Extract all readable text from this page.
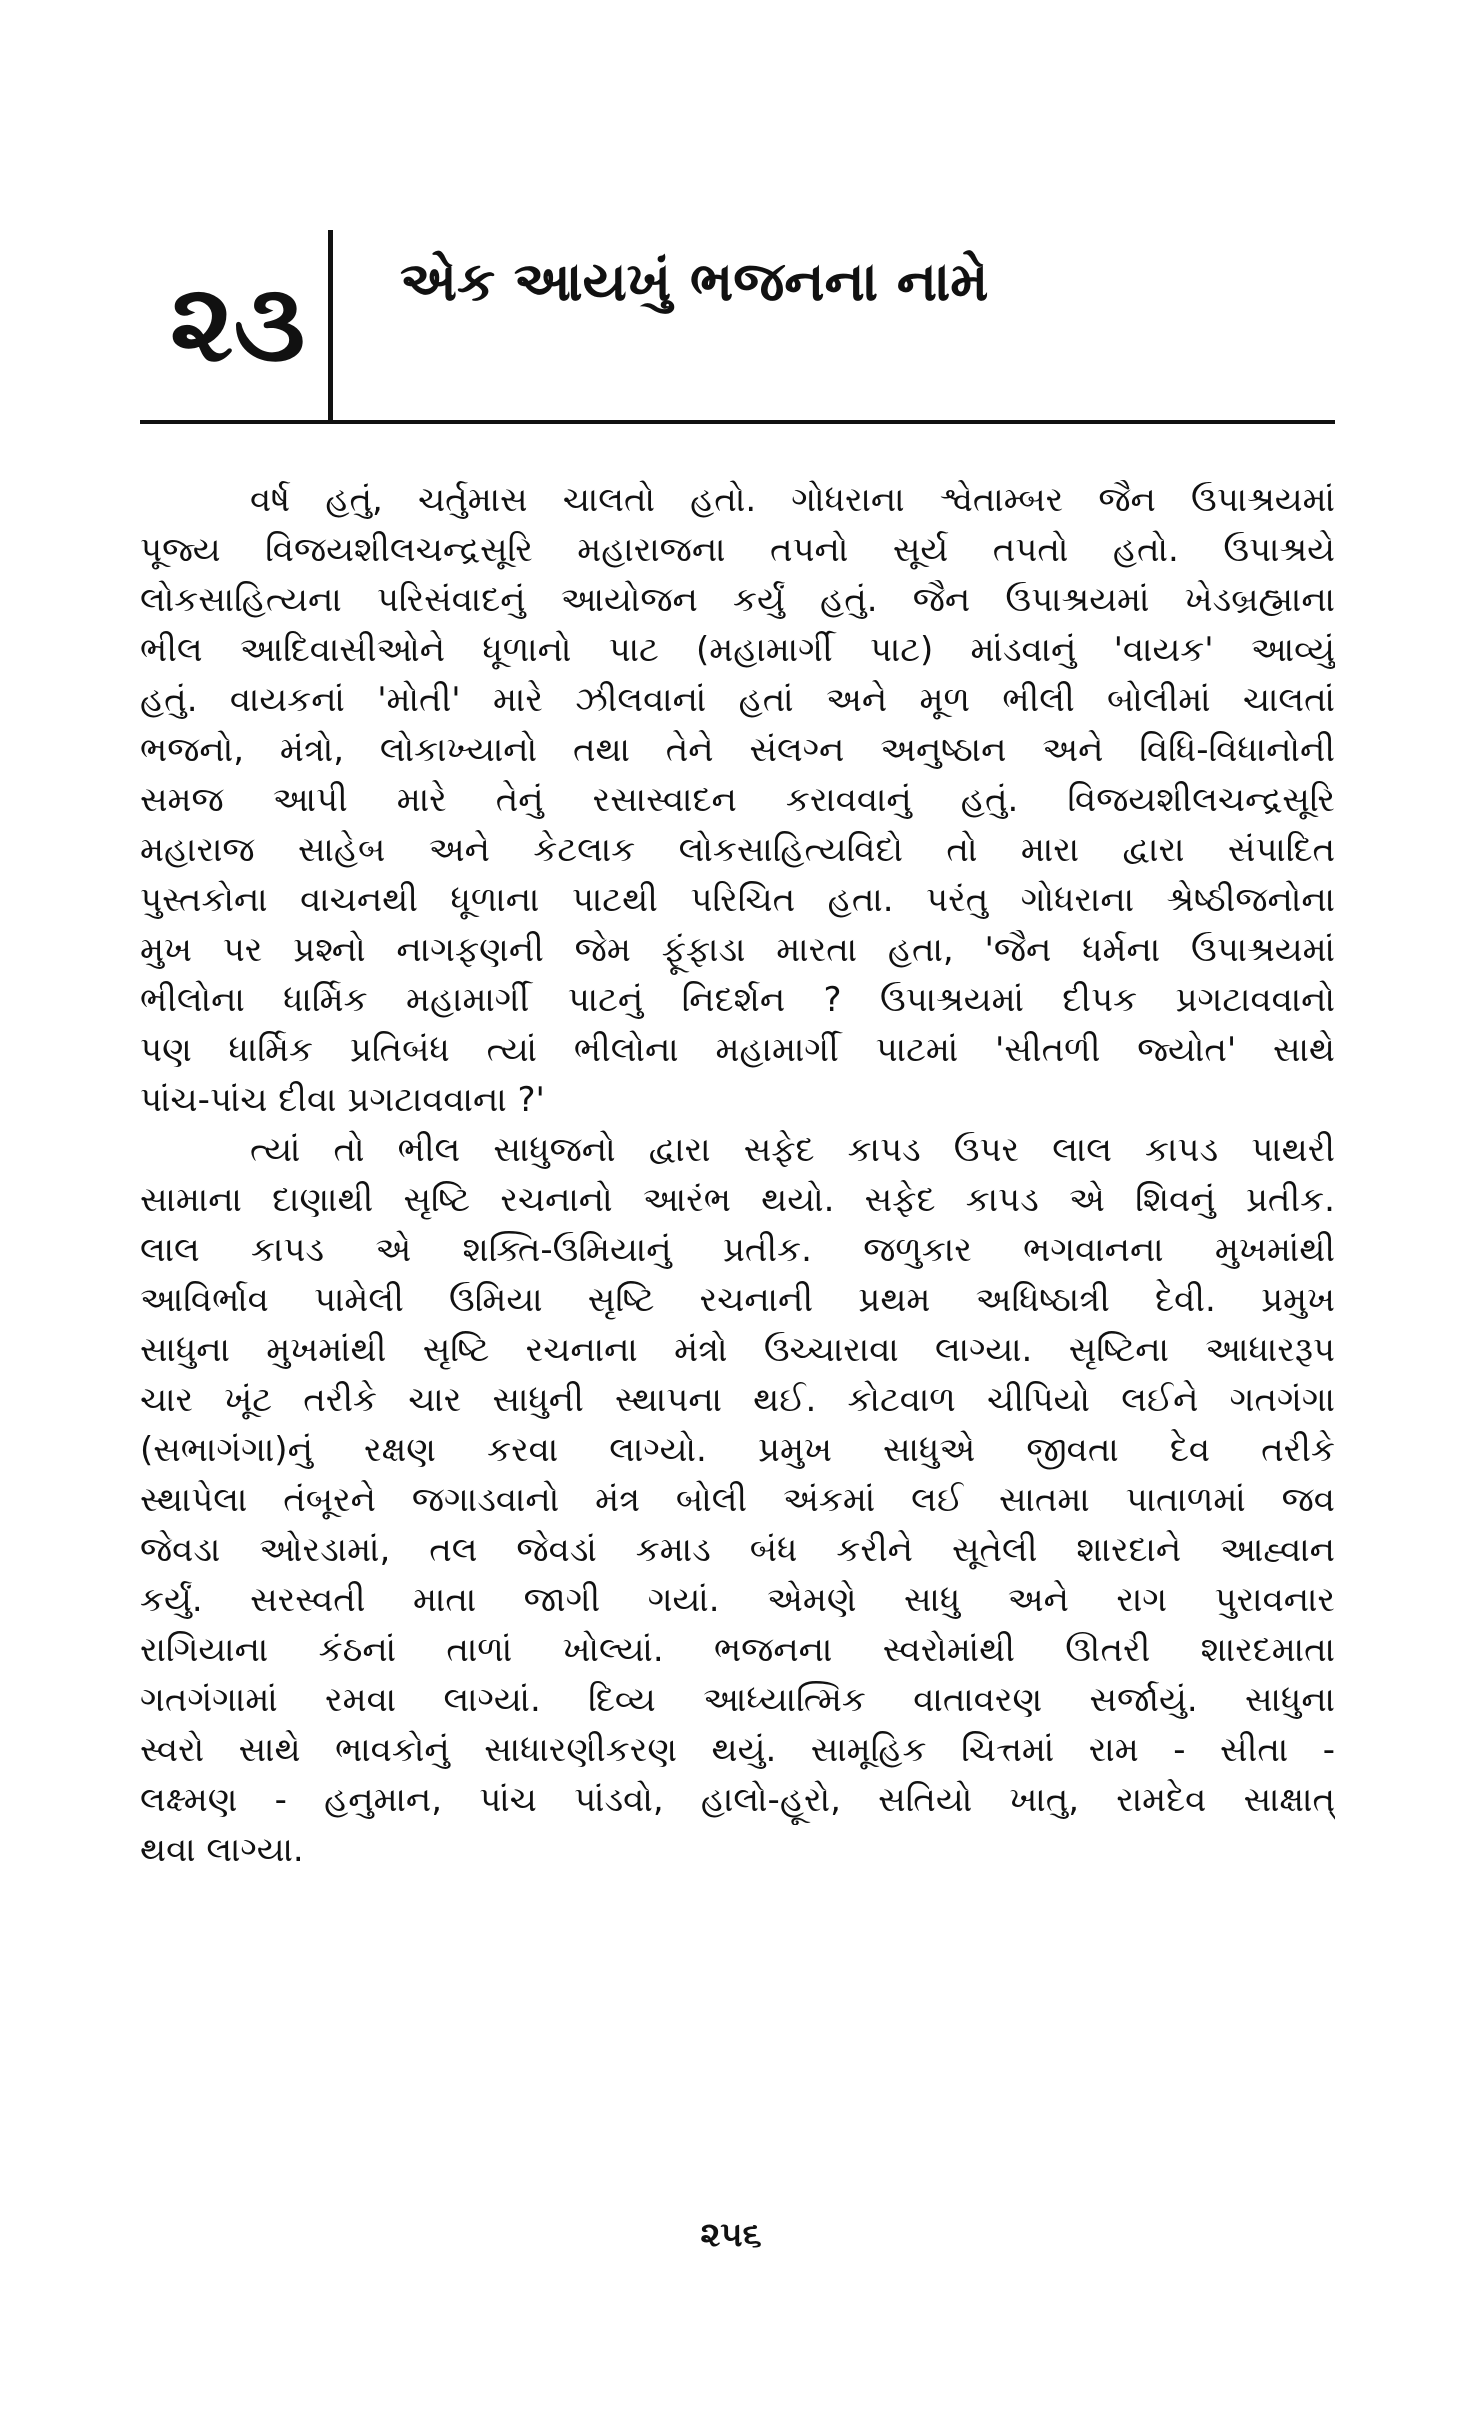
૨૩ એક આયખું ભજનના નામે
વર્ષ હતું, ચર્તુમાસ ચાલતો હતો. ગોધરાના શ્વેતામ્બર જૈન ઉપાશ્રયમાં
પૂજ્ય વિજયશીલચન્દ્રસૂરિ મહારાજના તપનો સૂર્ય તપતો હતો. ઉપાશ્રયે
લોકસાહિત્યના પરિસંવાદનું આયોજન કર્યું હતું. જૈન ઉપાશ્રયમાં ખેડબ્રહ્માના
ભીલ આદિવાસીઓને ધૂળાનો પાટ (મહામાર્ગી પાટ) માંડવાનું 'વાયક' આવ્યું
હતું. વાયકનાં 'મોતી' મારે ઝીલવાનાં હતાં અને મૂળ ભીલી બોલીમાં ચાલતાં
ભજનો, મંત્રો, લોકાખ્યાનો તથા તેને સંલગ્ન અનુષ્ઠાન અને વિધિ-વિધાનોની
સમજ આપી મારે તેનું રસાસ્વાદન કરાવવાનું હતું. વિજયશીલચન્દ્રસૂરિ
મહારાજ સાહેબ અને કેટલાક લોકસાહિત્યવિદો તો મારા દ્વારા સંપાદિત
પુસ્તકોના વાચનથી ધૂળાના પાટથી પરિચિત હતા. પરંતુ ગોધરાના શ્રેષ્ઠીજનોના
મુખ પર પ્રશ્નો નાગફણની જેમ ફૂંફાડા મારતા હતા, 'જૈન ધર્મના ઉપાશ્રયમાં
ભીલોના ધાર્મિક મહામાર્ગી પાટનું નિદર્શન ? ઉપાશ્રયમાં દીપક પ્રગટાવવાનો
પણ ધાર્મિક પ્રતિબંધ ત્યાં ભીલોના મહામાર્ગી પાટમાં 'સીતળી જ્યોત' સાથે
પાંચ-પાંચ દીવા પ્રગટાવવાના ?'
ત્યાં તો ભીલ સાધુજનો દ્વારા સફેદ કાપડ ઉપર લાલ કાપડ પાથરી
સામાના દાણાથી સૃષ્ટિ રચનાનો આરંભ થયો. સફેદ કાપડ એ શિવનું પ્રતીક.
લાલ કાપડ એ શક્તિ-ઉમિયાનું પ્રતીક. જળુકાર ભગવાનના મુખમાંથી
આવિર્ભાવ પામેલી ઉમિયા સૃષ્ટિ રચનાની પ્રથમ અધિષ્ઠાત્રી દેવી. પ્રમુખ
સાધુના મુખમાંથી સૃષ્ટિ રચનાના મંત્રો ઉચ્ચારાવા લાગ્યા. સૃષ્ટિના આધારરૂપ
ચાર ખૂંટ તરીકે ચાર સાધુની સ્થાપના થઈ. કોટવાળ ચીપિયો લઈને ગતગંગા
(સભાગંગા)નું રક્ષણ કરવા લાગ્યો. પ્રમુખ સાધુએ જીવતા દેવ તરીકે
સ્થાપેલા તંબૂરને જગાડવાનો મંત્ર બોલી અંકમાં લઈ સાતમા પાતાળમાં જવ
જેવડા ઓરડામાં, તલ જેવડાં કમાડ બંધ કરીને સૂતેલી શારદાને આહ્વાન
કર્યું. સરસ્વતી માતા જાગી ગયાં. એમણે સાધુ અને રાગ પુરાવનાર
રાગિયાના કંઠનાં તાળાં ખોલ્યાં. ભજનના સ્વરોમાંથી ઊતરી શારદમાતા
ગતગંગામાં રમવા લાગ્યાં. દિવ્ય આધ્યાત્મિક વાતાવરણ સર્જાયું. સાધુના
સ્વરો સાથે ભાવકોનું સાધારણીકરણ થયું. સામૂહિક ચિત્તમાં રામ - સીતા -
લક્ષ્મણ - હનુમાન, પાંચ પાંડવો, હાલો-હૂરો, સતિયો ખાતુ, રામદેવ સાક્ષાત્
થવા લાગ્યા.
૨૫૬
